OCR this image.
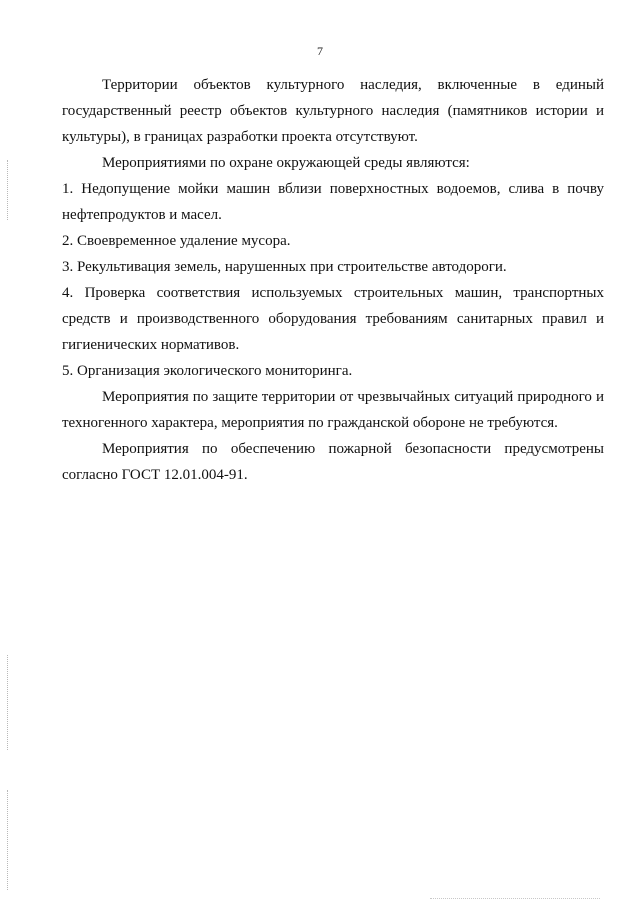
7

Территории объектов культурного наследия, включенные в единый государственный реестр объектов культурного наследия (памятников истории и культуры), в границах разработки проекта отсутствуют.

Мероприятиями по охране окружающей среды являются:

1. Недопущение мойки машин вблизи поверхностных водоемов, слива в почву нефтепродуктов и масел.

2. Своевременное удаление мусора.

3. Рекультивация земель, нарушенных при строительстве автодороги.

4. Проверка соответствия используемых строительных машин, транспортных средств и производственного оборудования требованиям санитарных правил и гигиенических нормативов.

5. Организация экологического мониторинга.

Мероприятия по защите территории от чрезвычайных ситуаций природного и техногенного характера, мероприятия по гражданской обороне не требуются.

Мероприятия по обеспечению пожарной безопасности предусмотрены согласно ГОСТ 12.01.004-91.
